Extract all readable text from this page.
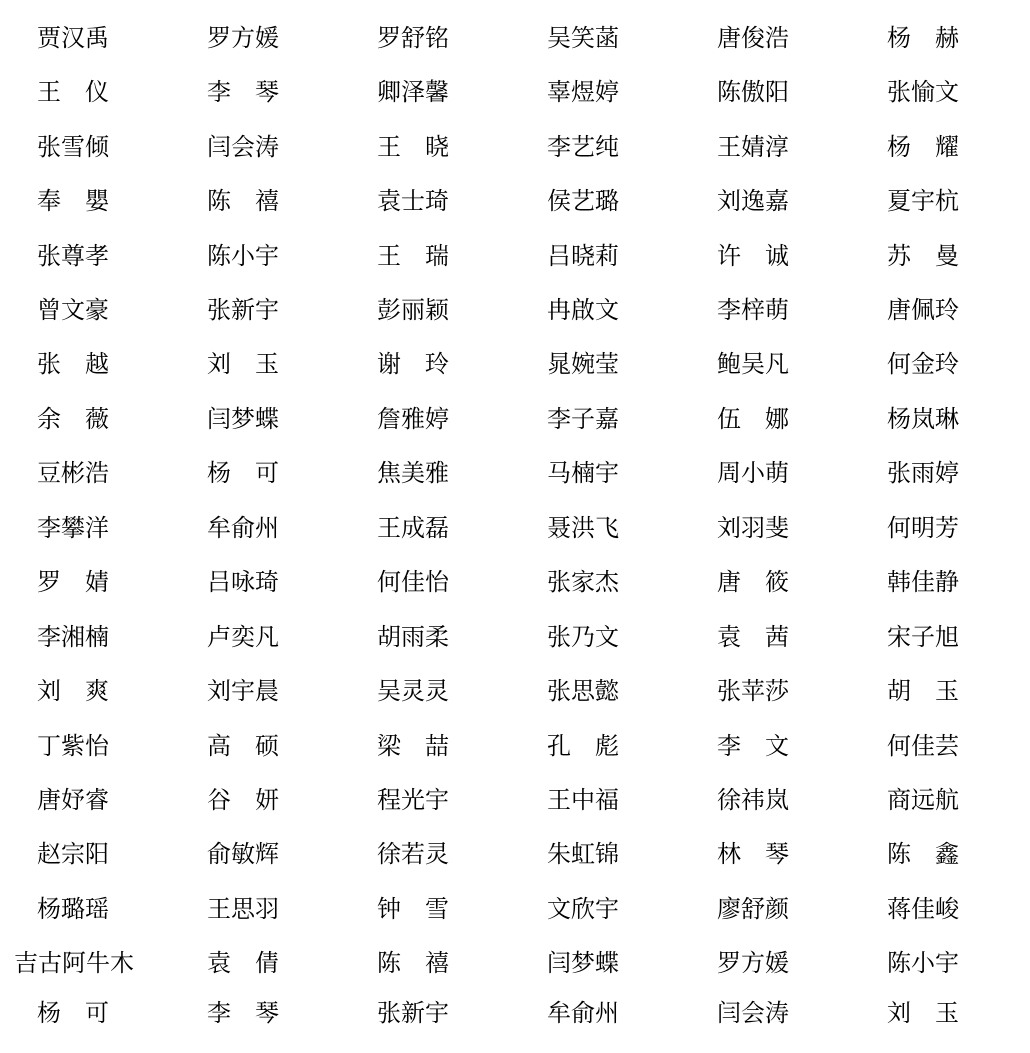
贾汉禹	罗方媛	罗舒铭	吴笑菡	唐俊浩	杨　赫
王　仪	李　琴	卿泽馨	辜煜婷	陈傲阳	张愉文
张雪倾	闫会涛	王　晓	李艺纯	王婧淳	杨　耀
奉　嬰	陈　禧	袁士琦	侯艺璐	刘逸嘉	夏宇杭
张尊孝	陈小宇	王　瑞	吕晓莉	许　诚	苏　曼
曾文豪	张新宇	彭丽颖	冉啟文	李梓萌	唐佩玲
张　越	刘　玉	谢　玲	晁婉莹	鲍吴凡	何金玲
余　薇	闫梦蝶	詹雅婷	李子嘉	伍　娜	杨岚琳
豆彬浩	杨　可	焦美雅	马楠宇	周小萌	张雨婷
李攀洋	牟俞州	王成磊	聂洪飞	刘羽斐	何明芳
罗　婧	吕咏琦	何佳怡	张家杰	唐　筱	韩佳静
李湘楠	卢奕凡	胡雨柔	张乃文	袁　茜	宋子旭
刘　爽	刘宇晨	吴灵灵	张思懿	张苹莎	胡　玉
丁紫怡	高　硕	梁　喆	孔　彪	李　文	何佳芸
唐妤睿	谷　妍	程光宇	王中福	徐祎岚	商远航
赵宗阳	俞敏辉	徐若灵	朱虹锦	林　琴	陈　鑫
杨璐瑶	王思羽	钟　雪	文欣宇	廖舒颜	蒋佳峻
吉古阿牛木	袁　倩	陈　禧	闫梦蝶	罗方媛	陈小宇
杨　可	李　琴	张新宇	牟俞州	闫会涛	刘　玉
